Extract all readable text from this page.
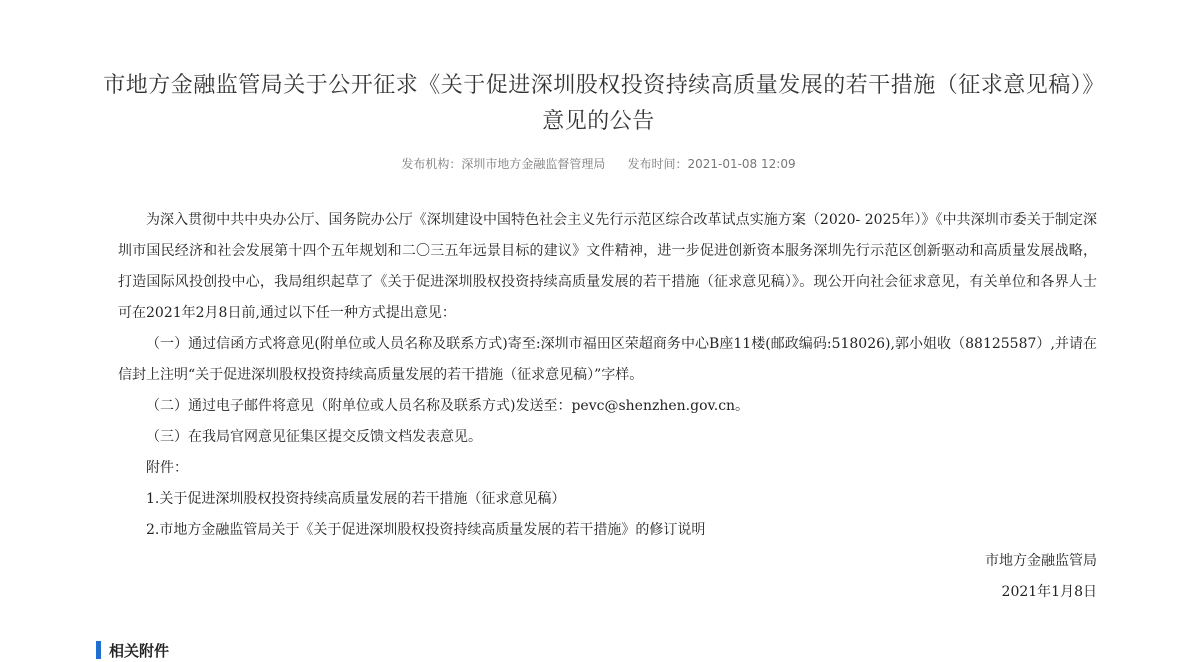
市地方金融监管局关于公开征求《关于促进深圳股权投资持续高质量发展的若干措施（征求意见稿）》意见的公告
发布机构：深圳市地方金融监督管理局 发布时间：2021-01-08 12:09

为深入贯彻中共中央办公厅、国务院办公厅《深圳建设中国特色社会主义先行示范区综合改革试点实施方案（2020- 2025年）》《中共深圳市委关于制定深圳市国民经济和社会发展第十四个五年规划和二〇三五年远景目标的建议》文件精神，进一步促进创新资本服务深圳先行示范区创新驱动和高质量发展战略，打造国际风投创投中心，我局组织起草了《关于促进深圳股权投资持续高质量发展的若干措施（征求意见稿）》。现公开向社会征求意见，有关单位和各界人士可在2021年2月8日前,通过以下任一种方式提出意见：

（一）通过信函方式将意见(附单位或人员名称及联系方式)寄至:深圳市福田区荣超商务中心B座11楼(邮政编码:518026),郭小姐收（88125587）,并请在信封上注明“关于促进深圳股权投资持续高质量发展的若干措施（征求意见稿）”字样。

（二）通过电子邮件将意见（附单位或人员名称及联系方式)发送至：pevc@shenzhen.gov.cn。

（三）在我局官网意见征集区提交反馈文档发表意见。

附件：

1.关于促进深圳股权投资持续高质量发展的若干措施（征求意见稿）

2.市地方金融监管局关于《关于促进深圳股权投资持续高质量发展的若干措施》的修订说明

市地方金融监管局

2021年1月8日

相关附件
